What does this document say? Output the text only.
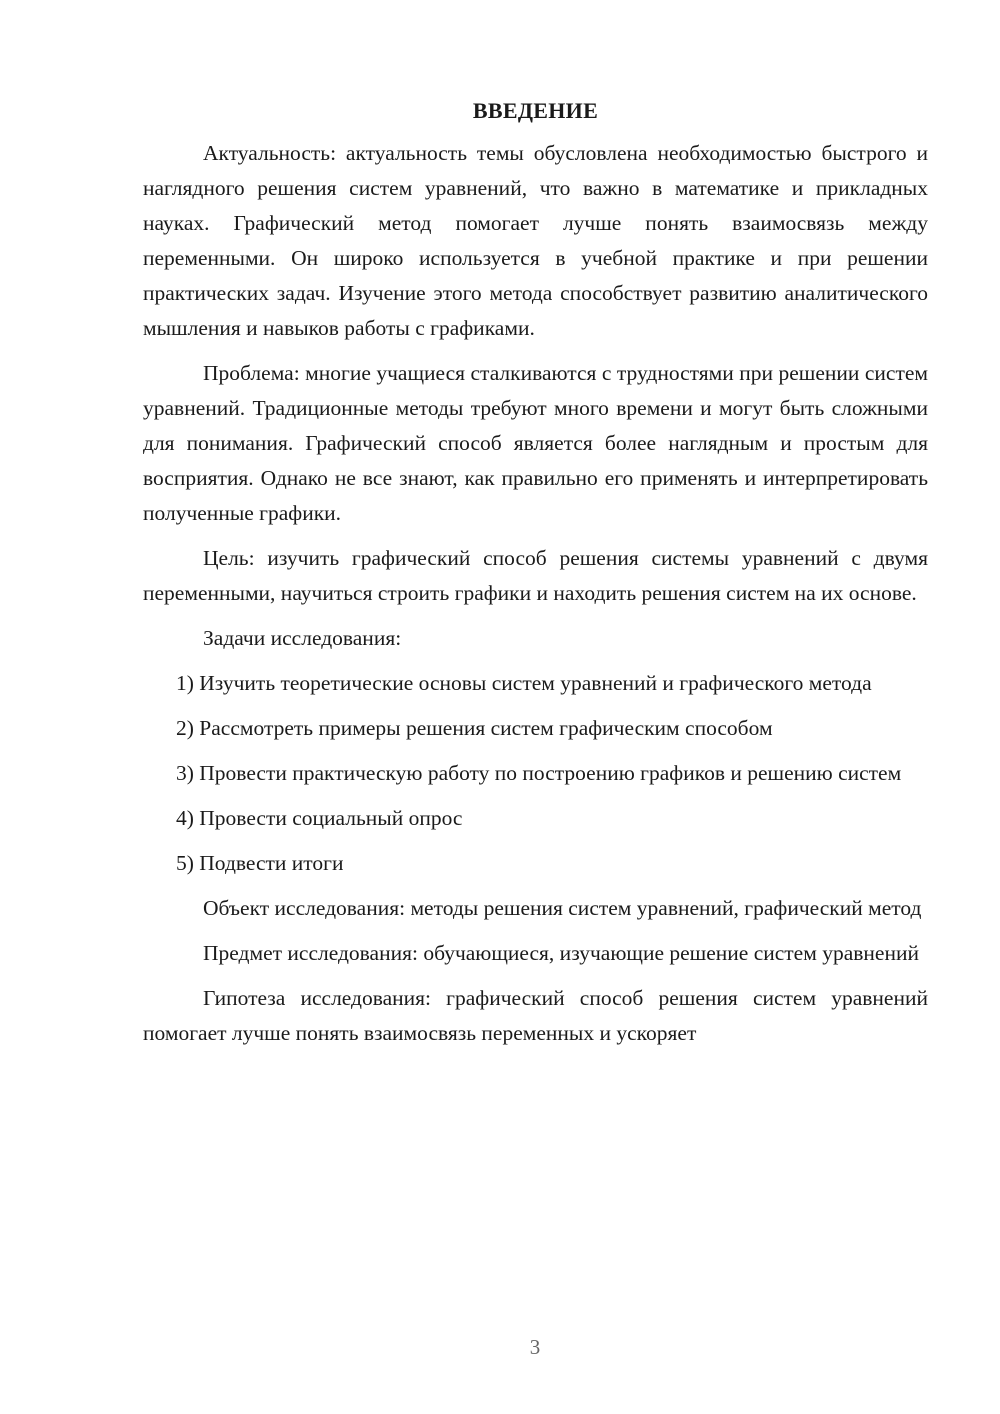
ВВЕДЕНИЕ

Актуальность: актуальность темы обусловлена необходимостью быстрого и наглядного решения систем уравнений, что важно в математике и прикладных науках. Графический метод помогает лучше понять взаимосвязь между переменными. Он широко используется в учебной практике и при решении практических задач. Изучение этого метода способствует развитию аналитического мышления и навыков работы с графиками.

Проблема: многие учащиеся сталкиваются с трудностями при решении систем уравнений. Традиционные методы требуют много времени и могут быть сложными для понимания. Графический способ является более наглядным и простым для восприятия. Однако не все знают, как правильно его применять и интерпретировать полученные графики.

Цель: изучить графический способ решения системы уравнений с двумя переменными, научиться строить графики и находить решения систем на их основе.

Задачи исследования:

1) Изучить теоретические основы систем уравнений и графического метода

2) Рассмотреть примеры решения систем графическим способом

3) Провести практическую работу по построению графиков и решению систем

4) Провести социальный опрос

5) Подвести итоги

Объект исследования: методы решения систем уравнений, графический метод

Предмет исследования: обучающиеся, изучающие решение систем уравнений

Гипотеза исследования: графический способ решения систем уравнений помогает лучше понять взаимосвязь переменных и ускоряет

3
